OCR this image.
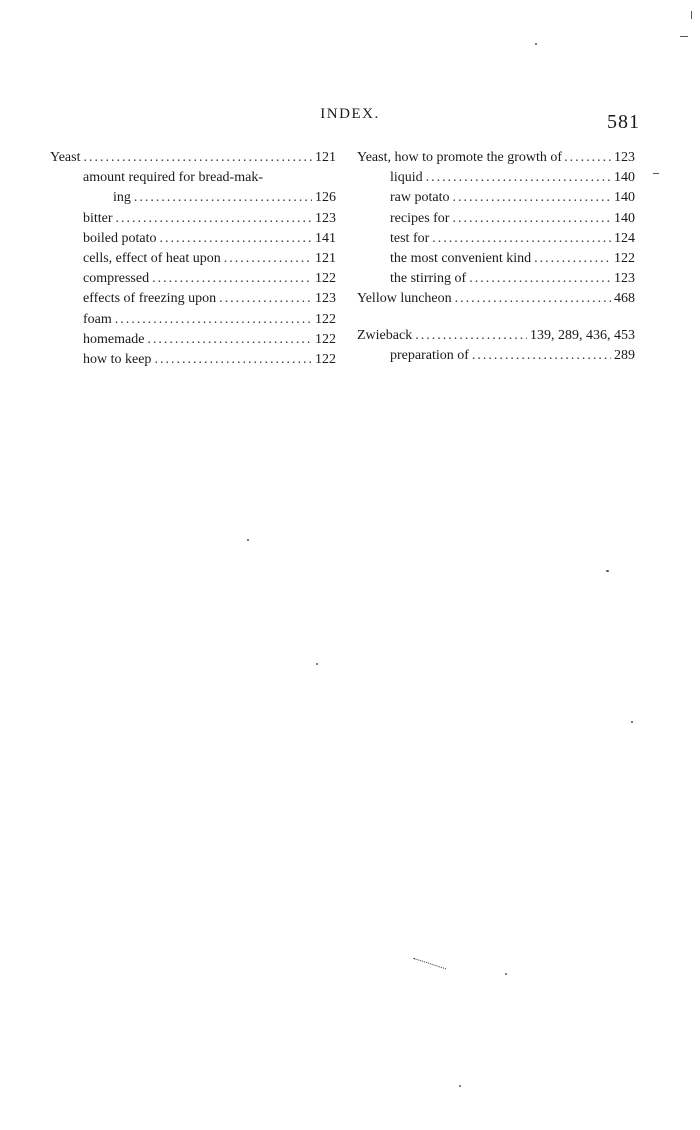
INDEX.	581
Yeast .....	121
amount required for bread-mak-
ing .....	126
bitter .....	123
boiled potato .....	141
cells, effect of heat upon .....	121
compressed .....	122
effects of freezing upon .....	123
foam .....	122
homemade .....	122
how to keep .....	122
Yeast, how to promote the growth of .....	123
liquid .....	140
raw potato .....	140
recipes for .....	140
test for .....	124
the most convenient kind .....	122
the stirring of .....	123
Yellow luncheon .....	468
Zwieback .....	139, 289, 436, 453
preparation of .....	289
